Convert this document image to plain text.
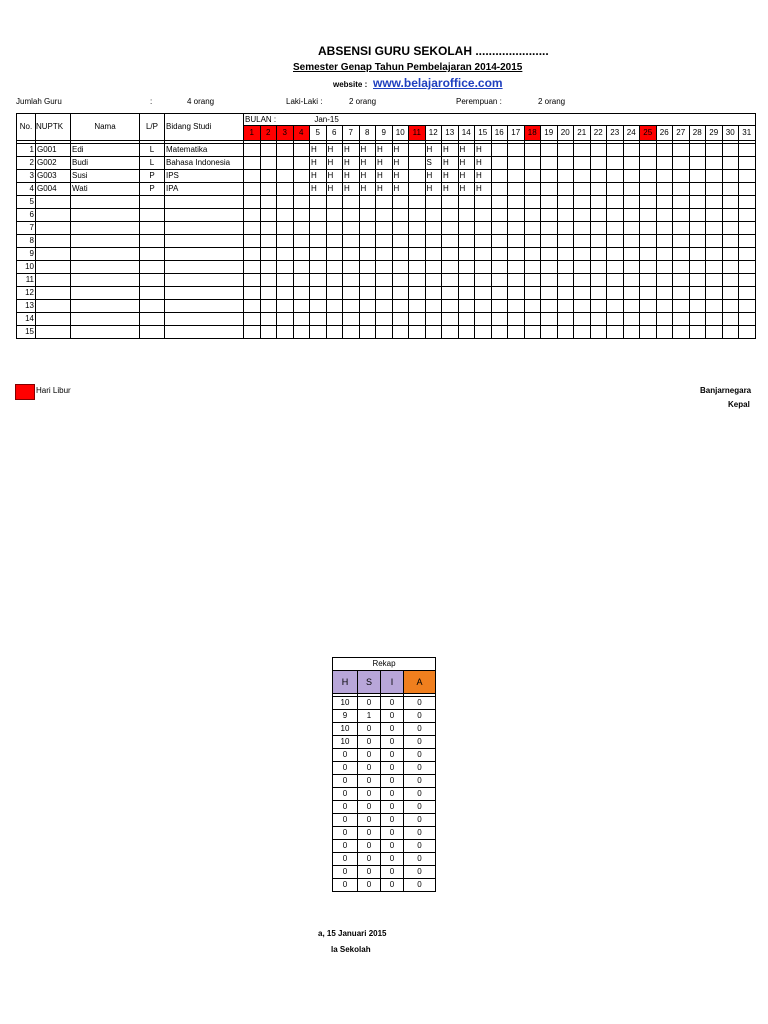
ABSENSI GURU SEKOLAH ......................
Semester Genap Tahun Pembelajaran 2014-2015
website : www.belajaroffice.com
Jumlah Guru	:	4 orang	Laki-Laki :	2 orang	Perempuan :	2 orang
No.	NUPTK	Nama	L/P	Bidang Studi	BULAN : Jan-15																														
					1	2	3	4	5	6	7	8	9	10	11	12	13	14	15	16	17	18	19	20	21	22	23	24	25	26	27	28	29	30	31

1	G001	Edi	L	Matematika					H	H	H	H	H	H		H	H	H	H																
2	G002	Budi	L	Bahasa Indonesia					H	H	H	H	H	H		S	H	H	H																
3	G003	Susi	P	IPS					H	H	H	H	H	H		H	H	H	H																
4	G004	Wati	P	IPA					H	H	H	H	H	H		H	H	H	H																
5																																			
6																																			
7																																			
8																																			
9																																			
10																																			
11																																			
12																																			
13																																			
14																																			
15																																			
Hari Libur	Banjarnegara
Kepal
Rekap			
H	S	I	A

10	0	0	0
9	1	0	0
10	0	0	0
10	0	0	0
0	0	0	0
0	0	0	0
0	0	0	0
0	0	0	0
0	0	0	0
0	0	0	0
0	0	0	0
0	0	0	0
0	0	0	0
0	0	0	0
0	0	0	0
a, 15 Januari 2015
la Sekolah
